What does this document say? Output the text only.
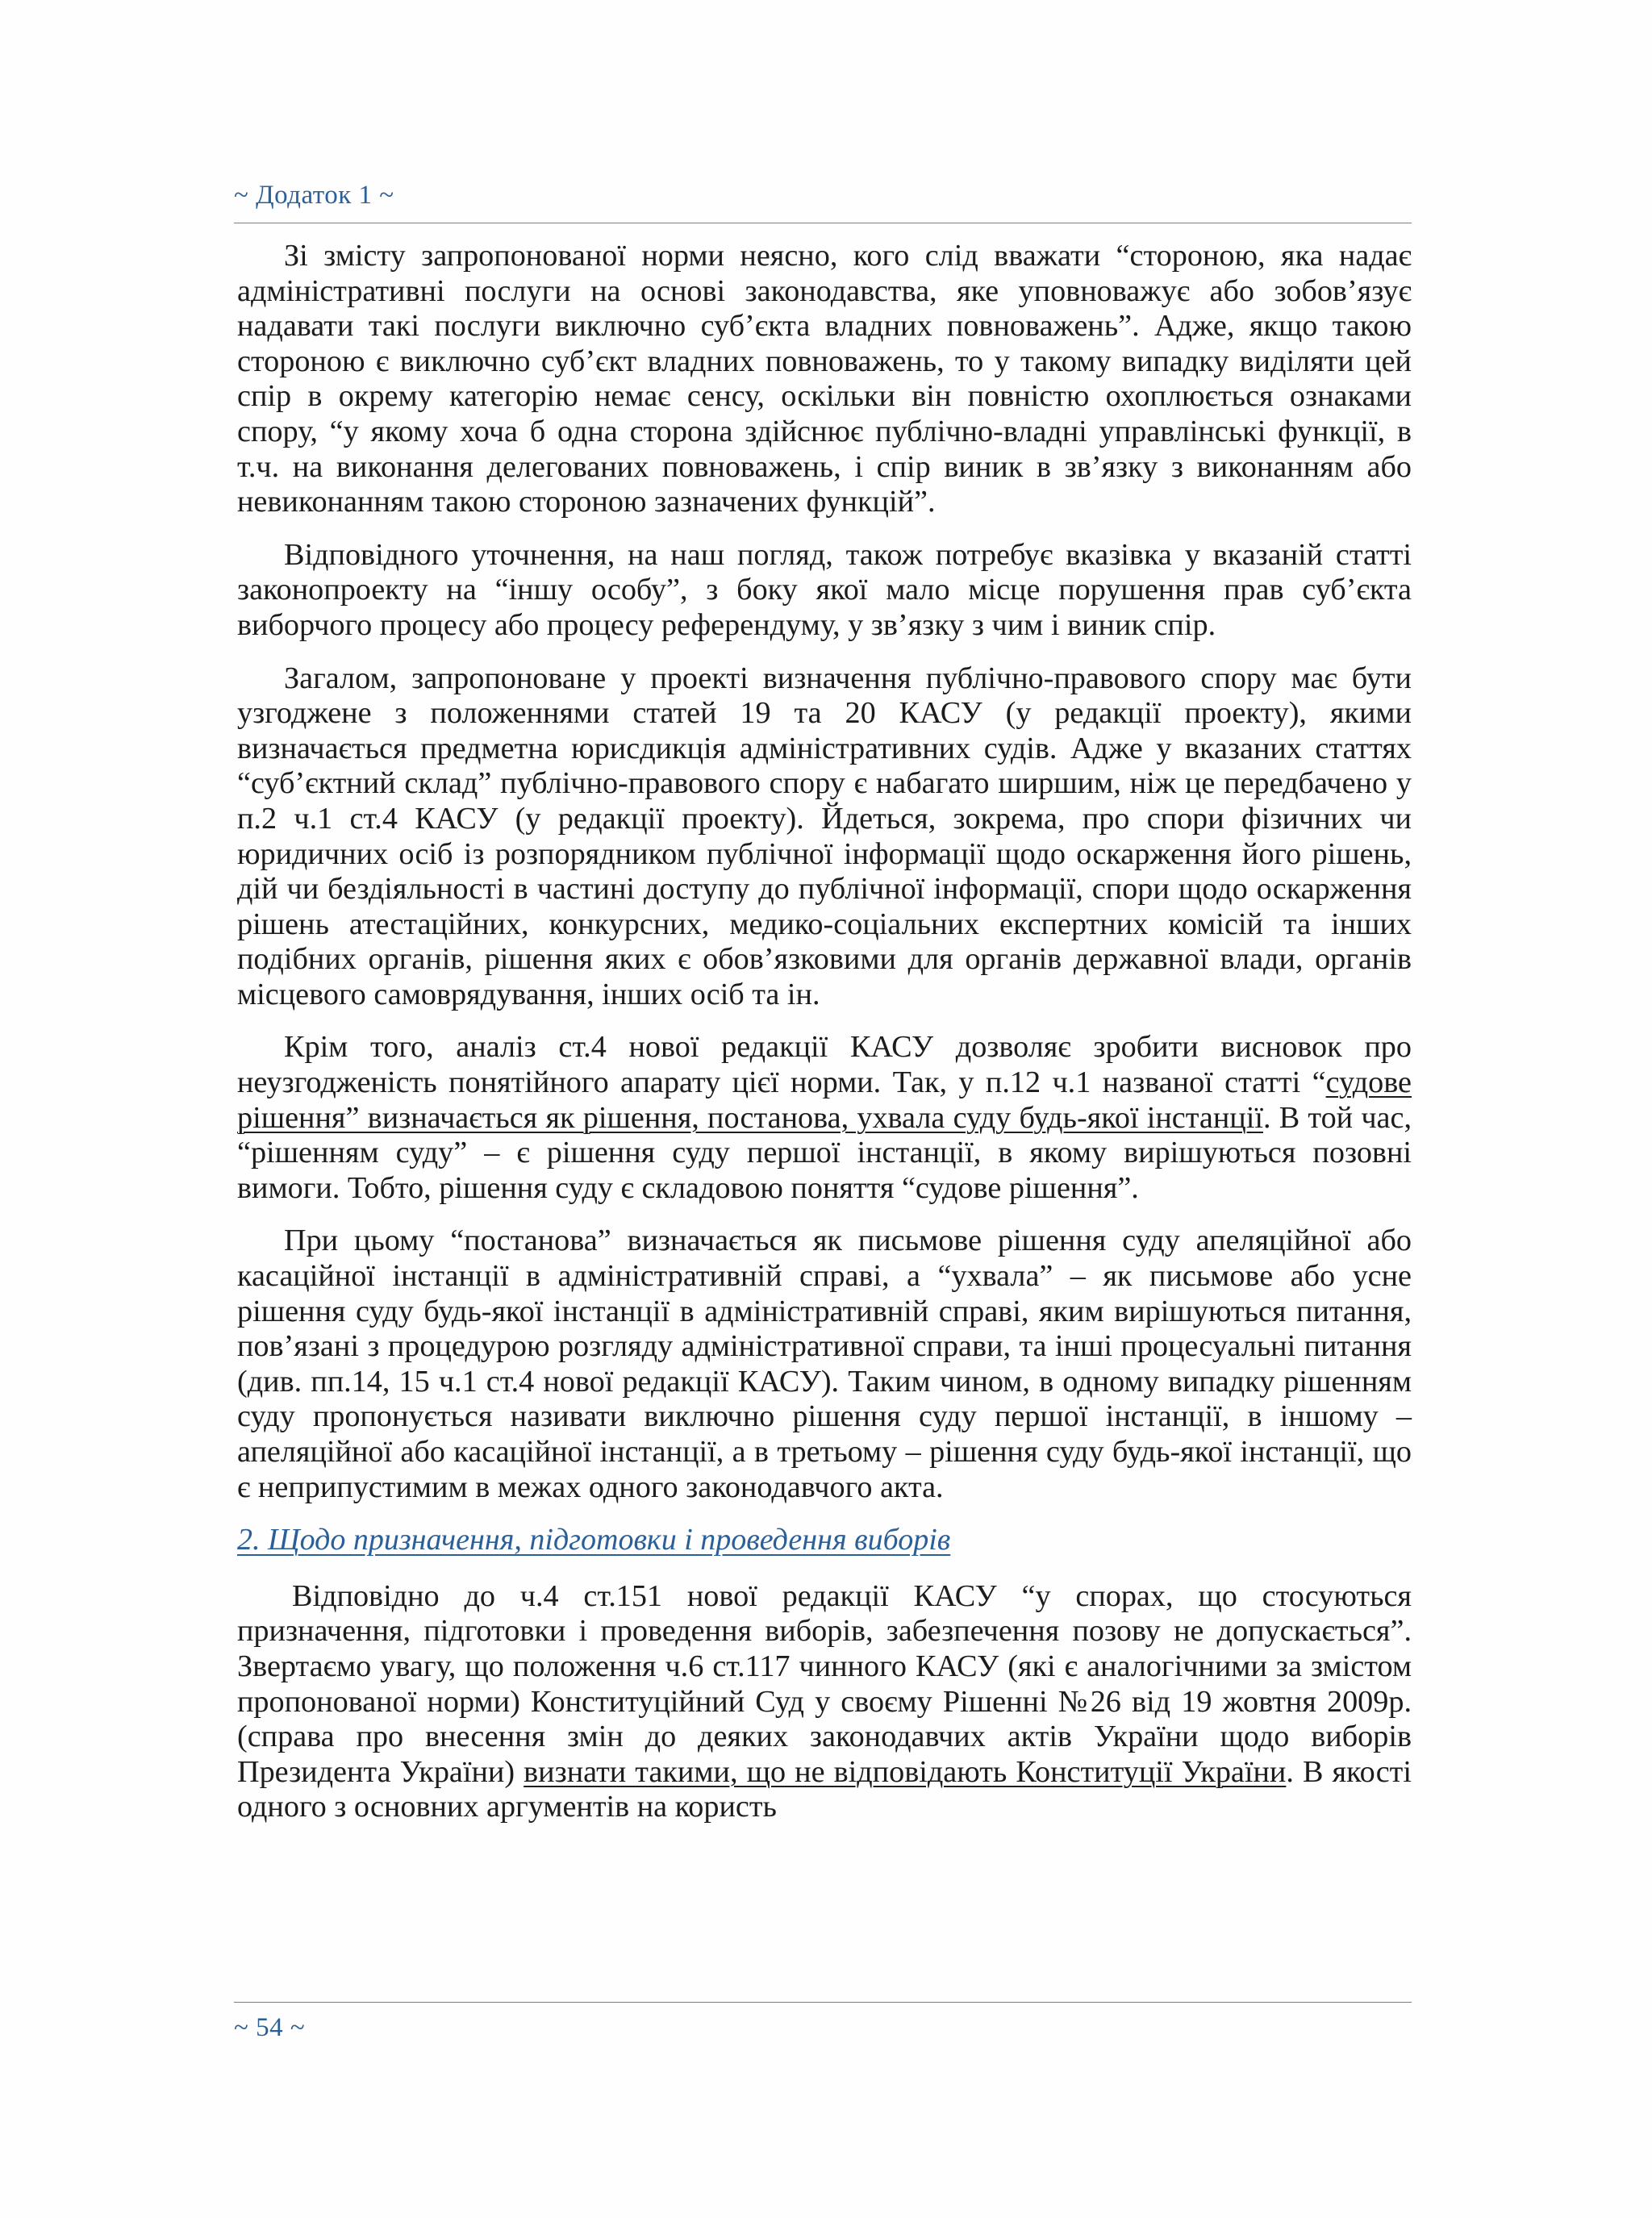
~ Додаток 1 ~

Зі змісту запропонованої норми неясно, кого слід вважати “стороною, яка надає адміністративні послуги на основі законодавства, яке уповноважує або зобов’язує надавати такі послуги виключно суб’єкта владних повноважень”. Адже, якщо такою стороною є виключно суб’єкт владних повноважень, то у такому випадку виділяти цей спір в окрему категорію немає сенсу, оскільки він повністю охоплюється ознаками спору, “у якому хоча б одна сторона здійснює публічно-владні управлінські функції, в т.ч. на виконання делегованих повноважень, і спір виник в зв’язку з виконанням або невиконанням такою стороною зазначених функцій”.

Відповідного уточнення, на наш погляд, також потребує вказівка у вказаній статті законопроекту на “іншу особу”, з боку якої мало місце порушення прав суб’єкта виборчого процесу або процесу референдуму, у зв’язку з чим і виник спір.

Загалом, запропоноване у проекті визначення публічно-правового спору має бути узгоджене з положеннями статей 19 та 20 КАСУ (у редакції проекту), якими визначається предметна юрисдикція адміністративних судів. Адже у вказаних статтях “суб’єктний склад” публічно-правового спору є набагато ширшим, ніж це передбачено у п.2 ч.1 ст.4 КАСУ (у редакції проекту). Йдеться, зокрема, про спори фізичних чи юридичних осіб із розпорядником публічної інформації щодо оскарження його рішень, дій чи бездіяльності в частині доступу до публічної інформації, спори щодо оскарження рішень атестаційних, конкурсних, медико-соціальних експертних комісій та інших подібних органів, рішення яких є обов’язковими для органів державної влади, органів місцевого самоврядування, інших осіб та ін.

Крім того, аналіз ст.4 нової редакції КАСУ дозволяє зробити висновок про неузгодженість понятійного апарату цієї норми. Так, у п.12 ч.1 названої статті “судове рішення” визначається як рішення, постанова, ухвала суду будь-якої інстанції. В той час, “рішенням суду” – є рішення суду першої інстанції, в якому вирішуються позовні вимоги. Тобто, рішення суду є складовою поняття “судове рішення”.

При цьому “постанова” визначається як письмове рішення суду апеляційної або касаційної інстанції в адміністративній справі, а “ухвала” – як письмове або усне рішення суду будь-якої інстанції в адміністративній справі, яким вирішуються питання, пов’язані з процедурою розгляду адміністративної справи, та інші процесуальні питання (див. пп.14, 15 ч.1 ст.4 нової редакції КАСУ). Таким чином, в одному випадку рішенням суду пропонується називати виключно рішення суду першої інстанції, в іншому – апеляційної або касаційної інстанції, а в третьому – рішення суду будь-якої інстанції, що є неприпустимим в межах одного законодавчого акта.

2. Щодо призначення, підготовки і проведення виборів

Відповідно до ч.4 ст.151 нової редакції КАСУ “у спорах, що стосуються призначення, підготовки і проведення виборів, забезпечення позову не допускається”. Звертаємо увагу, що положення ч.6 ст.117 чинного КАСУ (які є аналогічними за змістом пропонованої норми) Конституційний Суд у своєму Рішенні №26 від 19 жовтня 2009р. (справа про внесення змін до деяких законодавчих актів України щодо виборів Президента України) визнати такими, що не відповідають Конституції України. В якості одного з основних аргументів на користь

~ 54 ~
